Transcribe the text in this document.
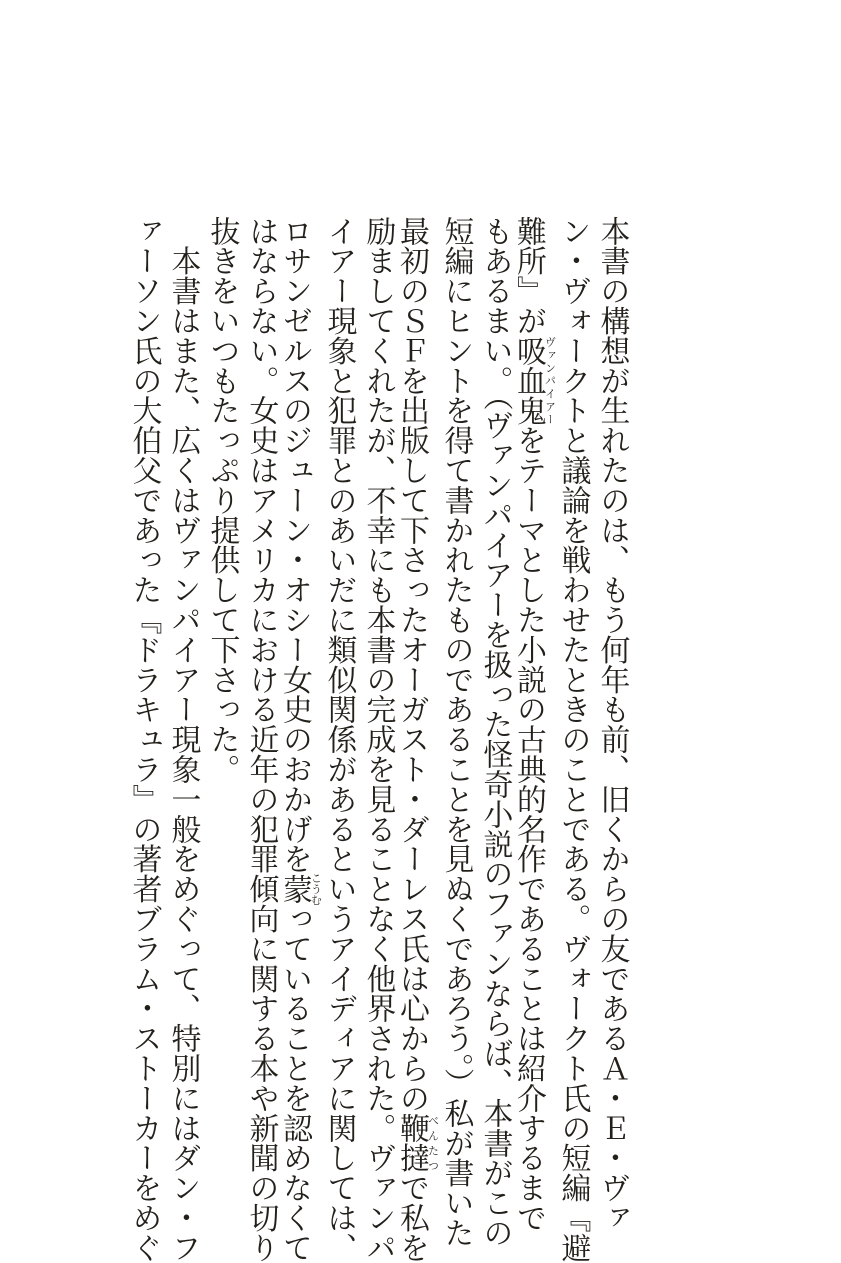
本書の構想が生れたのは、もう何年も前、旧くからの友であるＡ・Ｅ・ヴァ
ン・ヴォークトと議論を戦わせたときのことである。ヴォークト氏の短編『避
難所』が吸血鬼ヴァンパイアーをテーマとした小説の古典的名作であることは紹介するまで
もあるまい。（ヴァンパイアーを扱った怪奇小説のファンならば、本書がこの
短編にヒントを得て書かれたものであることを見ぬくであろう。）私が書いた
最初のＳＦを出版して下さったオーガスト・ダーレス氏は心からの鞭撻べんたつで私を
励ましてくれたが、不幸にも本書の完成を見ることなく他界された。ヴァンパ
イアー現象と犯罪とのあいだに類似関係があるというアイディアに関しては、
ロサンゼルスのジューン・オシー女史のおかげを蒙こうむっていることを認めなくて
はならない。女史はアメリカにおける近年の犯罪傾向に関する本や新聞の切り
抜きをいつもたっぷり提供して下さった。
　本書はまた、広くはヴァンパイアー現象一般をめぐって、特別にはダン・フ
ァーソン氏の大伯父であった『ドラキュラ』の著者ブラム・ストーカーをめぐ
